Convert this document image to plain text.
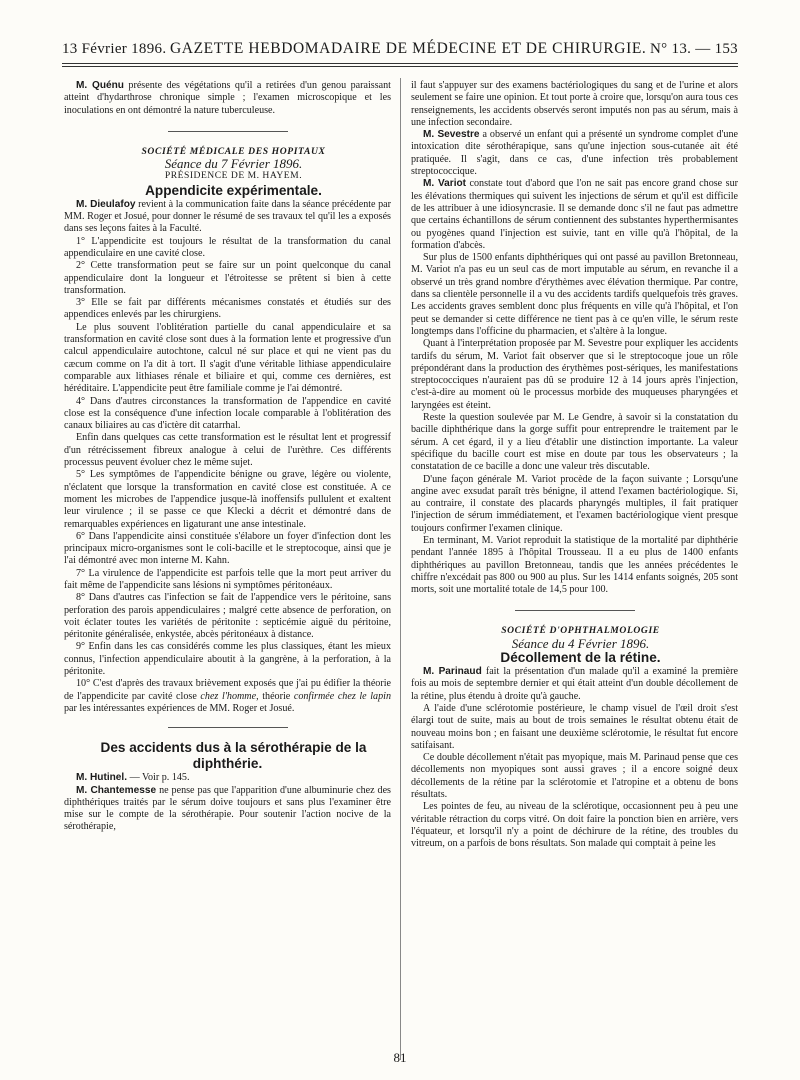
13 Février 1896. GAZETTE HEBDOMADAIRE DE MÉDECINE ET DE CHIRURGIE. N° 13. — 153

M. Quénu présente des végétations qu'il a retirées d'un genou paraissant atteint d'hydarthrose chronique simple ; l'examen microscopique et les inoculations en ont démontré la nature tuberculeuse.

SOCIÉTÉ MÉDICALE DES HOPITAUX

Séance du 7 Février 1896.

PRÉSIDENCE DE M. HAYEM.

Appendicite expérimentale.

M. Dieulafoy revient à la communication faite dans la séance précédente par MM. Roger et Josué, pour donner le résumé de ses travaux tel qu'il les a exposés dans ses leçons faites à la Faculté.

1° L'appendicite est toujours le résultat de la transformation du canal appendiculaire en une cavité close.

2° Cette transformation peut se faire sur un point quelconque du canal appendiculaire dont la longueur et l'étroitesse se prêtent si bien à cette transformation.

3° Elle se fait par différents mécanismes constatés et étudiés sur des appendices enlevés par les chirurgiens.

Le plus souvent l'oblitération partielle du canal appendiculaire et sa transformation en cavité close sont dues à la formation lente et progressive d'un calcul appendiculaire autochtone, calcul né sur place et qui ne vient pas du cæcum comme on l'a dit à tort. Il s'agit d'une véritable lithiase appendiculaire comparable aux lithiases rénale et biliaire et qui, comme ces dernières, est héréditaire. L'appendicite peut être familiale comme je l'ai démontré.

4° Dans d'autres circonstances la transformation de l'appendice en cavité close est la conséquence d'une infection locale comparable à l'oblitération des canaux biliaires au cas d'ictère dit catarrhal.

Enfin dans quelques cas cette transformation est le résultat lent et progressif d'un rétrécissement fibreux analogue à celui de l'urèthre. Ces différents processus peuvent évoluer chez le même sujet.

5° Les symptômes de l'appendicite bénigne ou grave, légère ou violente, n'éclatent que lorsque la transformation en cavité close est constituée. A ce moment les microbes de l'appendice jusque-là inoffensifs pullulent et exaltent leur virulence ; il se passe ce que Klecki a décrit et démontré dans de remarquables expériences en ligaturant une anse intestinale.

6° Dans l'appendicite ainsi constituée s'élabore un foyer d'infection dont les principaux micro-organismes sont le coli-bacille et le streptocoque, ainsi que je l'ai démontré avec mon interne M. Kahn.

7° La virulence de l'appendicite est parfois telle que la mort peut arriver du fait même de l'appendicite sans lésions ni symptômes péritonéaux.

8° Dans d'autres cas l'infection se fait de l'appendice vers le péritoine, sans perforation des parois appendiculaires ; malgré cette absence de perforation, on voit éclater toutes les variétés de péritonite : septicémie aiguë du péritoine, péritonite généralisée, enkystée, abcès péritonéaux à distance.

9° Enfin dans les cas considérés comme les plus classiques, étant les mieux connus, l'infection appendiculaire aboutit à la gangrène, à la perforation, à la péritonite.

10° C'est d'après des travaux brièvement exposés que j'ai pu édifier la théorie de l'appendicite par cavité close chez l'homme, théorie confirmée chez le lapin par les intéressantes expériences de MM. Roger et Josué.

Des accidents dus à la sérothérapie de la diphthérie.

M. Hutinel. — Voir p. 145.

M. Chantemesse ne pense pas que l'apparition d'une albuminurie chez des diphthériques traités par le sérum doive toujours et sans plus l'examiner être mise sur le compte de la sérothérapie. Pour soutenir l'action nocive de la sérothérapie,

il faut s'appuyer sur des examens bactériologiques du sang et de l'urine et alors seulement se faire une opinion. Et tout porte à croire que, lorsqu'on aura tous ces renseignements, les accidents observés seront imputés non pas au sérum, mais à une infection secondaire.

M. Sevestre a observé un enfant qui a présenté un syndrome complet d'une intoxication dite sérothérapique, sans qu'une injection sous-cutanée ait été pratiquée. Il s'agit, dans ce cas, d'une infection très probablement streptococcique.

M. Variot constate tout d'abord que l'on ne sait pas encore grand chose sur les élévations thermiques qui suivent les injections de sérum et qu'il est difficile de les attribuer à une idiosyncrasie. Il se demande donc s'il ne faut pas admettre que certains échantillons de sérum contiennent des substantes hyperthermisantes ou pyogènes quand l'injection est suivie, tant en ville qu'à l'hôpital, de la formation d'abcès.

Sur plus de 1500 enfants diphthériques qui ont passé au pavillon Bretonneau, M. Variot n'a pas eu un seul cas de mort imputable au sérum, en revanche il a observé un très grand nombre d'érythèmes avec élévation thermique. Par contre, dans sa clientèle personnelle il a vu des accidents tardifs quelquefois très graves. Les accidents graves semblent donc plus fréquents en ville qu'à l'hôpital, et l'on peut se demander si cette différence ne tient pas à ce qu'en ville, le sérum reste longtemps dans l'officine du pharmacien, et s'altère à la longue.

Quant à l'interprétation proposée par M. Sevestre pour expliquer les accidents tardifs du sérum, M. Variot fait observer que si le streptocoque joue un rôle prépondérant dans la production des érythèmes post-sériques, les manifestations streptococciques n'auraient pas dû se produire 12 à 14 jours après l'injection, c'est-à-dire au moment où le processus morbide des muqueuses pharyngées et laryngées est éteint.

Reste la question soulevée par M. Le Gendre, à savoir si la constatation du bacille diphthérique dans la gorge suffit pour entreprendre le traitement par le sérum. A cet égard, il y a lieu d'établir une distinction importante. La valeur spécifique du bacille court est mise en doute par tous les observateurs ; la constatation de ce bacille a donc une valeur très discutable.

D'une façon générale M. Variot procède de la façon suivante ; Lorsqu'une angine avec exsudat paraît très bénigne, il attend l'examen bactériologique. Si, au contraire, il constate des placards pharyngés multiples, il fait pratiquer l'injection de sérum immédiatement, et l'examen bactériologique vient presque toujours confirmer l'examen clinique.

En terminant, M. Variot reproduit la statistique de la mortalité par diphthérie pendant l'année 1895 à l'hôpital Trousseau. Il a eu plus de 1400 enfants diphthériques au pavillon Bretonneau, tandis que les années précédentes le chiffre n'excédait pas 800 ou 900 au plus. Sur les 1414 enfants soignés, 205 sont morts, soit une mortalité totale de 14,5 pour 100.

SOCIÉTÉ D'OPHTHALMOLOGIE

Séance du 4 Février 1896.

Décollement de la rétine.

M. Parinaud fait la présentation d'un malade qu'il a examiné la première fois au mois de septembre dernier et qui était atteint d'un double décollement de la rétine, plus étendu à droite qu'à gauche.

A l'aide d'une sclérotomie postérieure, le champ visuel de l'œil droit s'est élargi tout de suite, mais au bout de trois semaines le résultat obtenu était de nouveau moins bon ; en faisant une deuxième sclérotomie, le résultat fut encore satifaisant.

Ce double décollement n'était pas myopique, mais M. Parinaud pense que ces décollements non myopiques sont aussi graves ; il a encore soigné deux décollements de la rétine par la sclérotomie et l'atropine et a obtenu de bons résultats.

Les pointes de feu, au niveau de la sclérotique, occasionnent peu à peu une véritable rétraction du corps vitré. On doit faire la ponction bien en arrière, vers l'équateur, et lorsqu'il n'y a point de déchirure de la rétine, des troubles du vitreum, on a parfois de bons résultats. Son malade qui comptait à peine les

81
